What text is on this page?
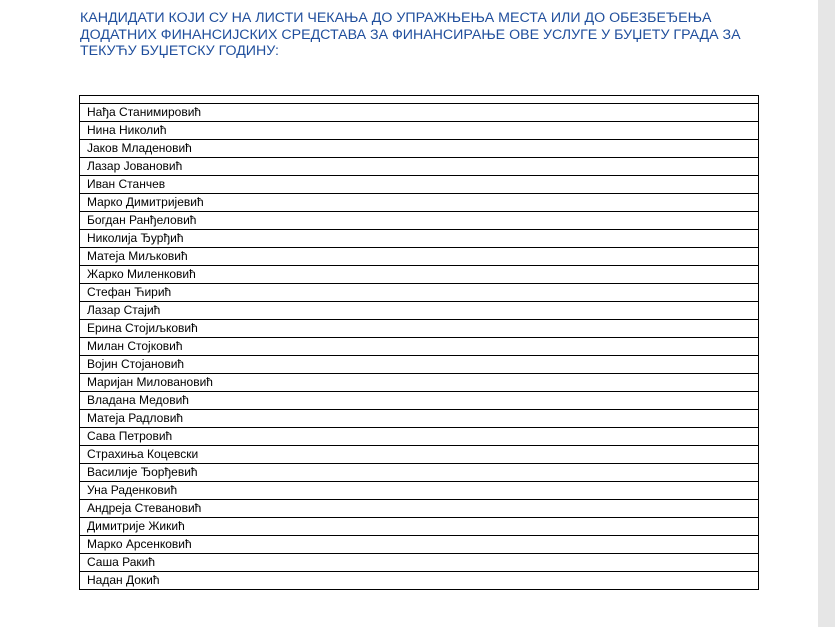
КАНДИДАТИ КОЈИ СУ НА ЛИСТИ ЧЕКАЊА ДО УПРАЖЊЕЊА МЕСТА ИЛИ ДО ОБЕЗБЕЂЕЊА ДОДАТНИХ ФИНАНСИЈСКИХ СРЕДСТАВА ЗА ФИНАНСИРАЊЕ ОВЕ УСЛУГЕ У БУЏЕТУ ГРАДА ЗА ТЕКУЋУ БУЏЕТСКУ ГОДИНУ:

Нађа Станимировић
Нина Николић
Јаков Младеновић
Лазар Јовановић
Иван Станчев
Марко Димитријевић
Богдан Ранђеловић
Николија Ђурђић
Матеја Миљковић
Жарко Миленковић
Стефан Ћирић
Лазар Стајић
Ерина Стојиљковић
Милан Стојковић
Војин Стојановић
Маријан Миловановић
Владана Медовић
Матеја Радловић
Сава Петровић
Страхиња Коцевски
Василије Ђорђевић
Уна Раденковић
Андреја Стевановић
Димитрије Жикић
Марко Арсенковић
Саша Ракић
Надан Докић
